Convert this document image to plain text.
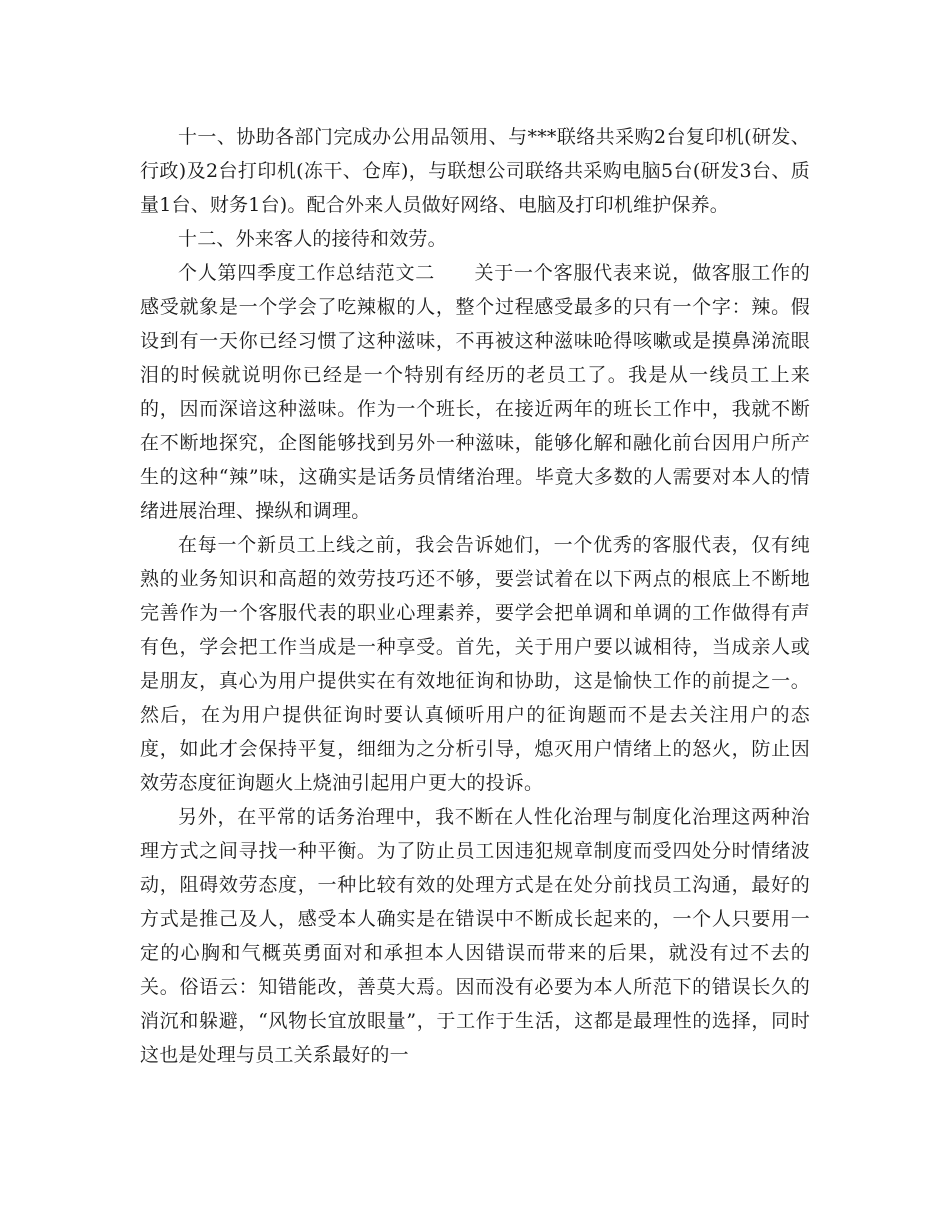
十一、协助各部门完成办公用品领用、与***联络共采购2台复印机(研发、行政)及2台打印机(冻干、仓库)，与联想公司联络共采购电脑5台(研发3台、质量1台、财务1台)。配合外来人员做好网络、电脑及打印机维护保养。

十二、外来客人的接待和效劳。

个人第四季度工作总结范文二　　关于一个客服代表来说，做客服工作的感受就象是一个学会了吃辣椒的人，整个过程感受最多的只有一个字：辣。假设到有一天你已经习惯了这种滋味，不再被这种滋味呛得咳嗽或是摸鼻涕流眼泪的时候就说明你已经是一个特别有经历的老员工了。我是从一线员工上来的，因而深谙这种滋味。作为一个班长，在接近两年的班长工作中，我就不断在不断地探究，企图能够找到另外一种滋味，能够化解和融化前台因用户所产生的这种“辣”味，这确实是话务员情绪治理。毕竟大多数的人需要对本人的情绪进展治理、操纵和调理。

在每一个新员工上线之前，我会告诉她们，一个优秀的客服代表，仅有纯熟的业务知识和高超的效劳技巧还不够，要尝试着在以下两点的根底上不断地完善作为一个客服代表的职业心理素养，要学会把单调和单调的工作做得有声有色，学会把工作当成是一种享受。首先，关于用户要以诚相待，当成亲人或是朋友，真心为用户提供实在有效地征询和协助，这是愉快工作的前提之一。然后，在为用户提供征询时要认真倾听用户的征询题而不是去关注用户的态度，如此才会保持平复，细细为之分析引导，熄灭用户情绪上的怒火，防止因效劳态度征询题火上烧油引起用户更大的投诉。

另外，在平常的话务治理中，我不断在人性化治理与制度化治理这两种治理方式之间寻找一种平衡。为了防止员工因违犯规章制度而受四处分时情绪波动，阻碍效劳态度，一种比较有效的处理方式是在处分前找员工沟通，最好的方式是推己及人，感受本人确实是在错误中不断成长起来的，一个人只要用一定的心胸和气概英勇面对和承担本人因错误而带来的后果，就没有过不去的关。俗语云：知错能改，善莫大焉。因而没有必要为本人所范下的错误长久的消沉和躲避，“风物长宜放眼量”，于工作于生活，这都是最理性的选择，同时这也是处理与员工关系最好的一
